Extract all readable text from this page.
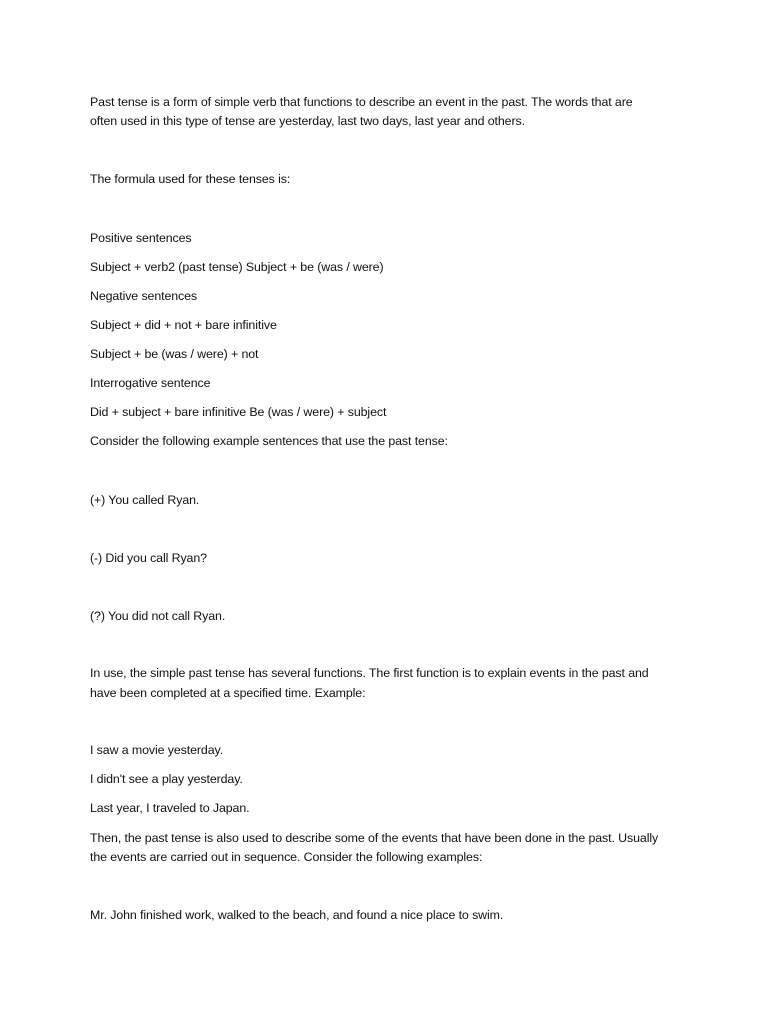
Past tense is a form of simple verb that functions to describe an event in the past. The words that are
often used in this type of tense are yesterday, last two days, last year and others.
The formula used for these tenses is:
Positive sentences
Subject + verb2 (past tense) Subject + be (was / were)
Negative sentences
Subject + did + not + bare infinitive
Subject + be (was / were) + not
Interrogative sentence
Did + subject + bare infinitive Be (was / were) + subject
Consider the following example sentences that use the past tense:
(+) You called Ryan.
(-) Did you call Ryan?
(?) You did not call Ryan.
In use, the simple past tense has several functions. The first function is to explain events in the past and
have been completed at a specified time. Example:
I saw a movie yesterday.
I didn't see a play yesterday.
Last year, I traveled to Japan.
Then, the past tense is also used to describe some of the events that have been done in the past. Usually
the events are carried out in sequence. Consider the following examples:
Mr. John finished work, walked to the beach, and found a nice place to swim.
